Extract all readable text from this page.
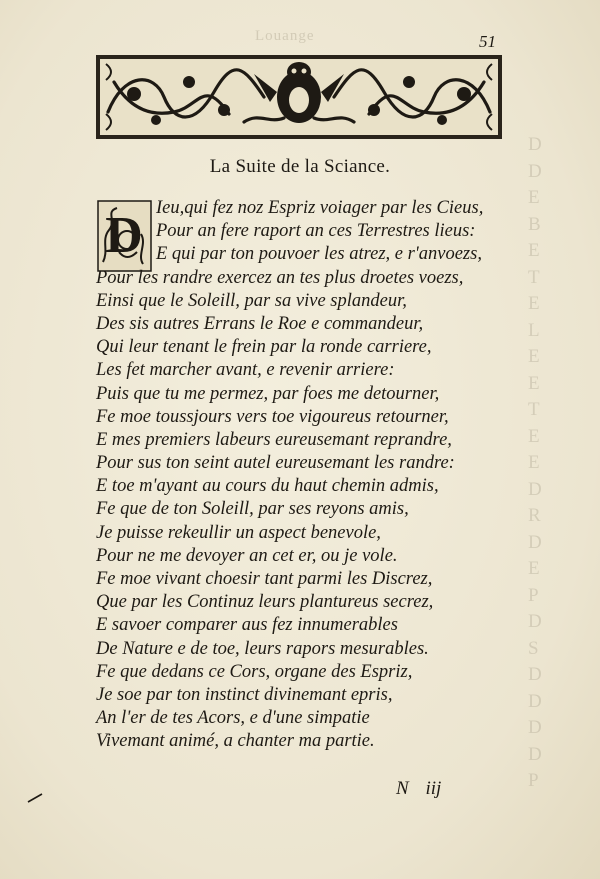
Louange
D
D
E
B
E
T
E
L
E
E
T
E
E
D
R
D
E
P
D
S
D
D
D
D
P
51
La Suite de la Sciance.
D Ieu,qui fez noz Espriz voiager par les Cieus,
Pour an fere raport an ces Terrestres lieus:
E qui par ton pouvoer les atrez, e r'anvoezs,
Pour les randre exercez an tes plus droetes voezs,
Einsi que le Soleill, par sa vive splandeur,
Des sis autres Errans le Roe e commandeur,
Qui leur tenant le frein par la ronde carriere,
Les fet marcher avant, e revenir arriere:
Puis que tu me permez, par foes me detourner,
Fe moe toussjours vers toe vigoureus retourner,
E mes premiers labeurs eureusemant reprandre,
Pour sus ton seint autel eureusemant les randre:
E toe m'ayant au cours du haut chemin admis,
Fe que de ton Soleill, par ses reyons amis,
Je puisse rekeullir un aspect benevole,
Pour ne me devoyer an cet er, ou je vole.
Fe moe vivant choesir tant parmi les Discrez,
Que par les Continuz leurs plantureus secrez,
E savoer comparer aus fez innumerables
De Nature e de toe, leurs rapors mesurables.
Fe que dedans ce Cors, organe des Espriz,
Je soe par ton instinct divinemant epris,
An l'er de tes Acors, e d'une simpatie
Vivemant animé, a chanter ma partie.
N iij
